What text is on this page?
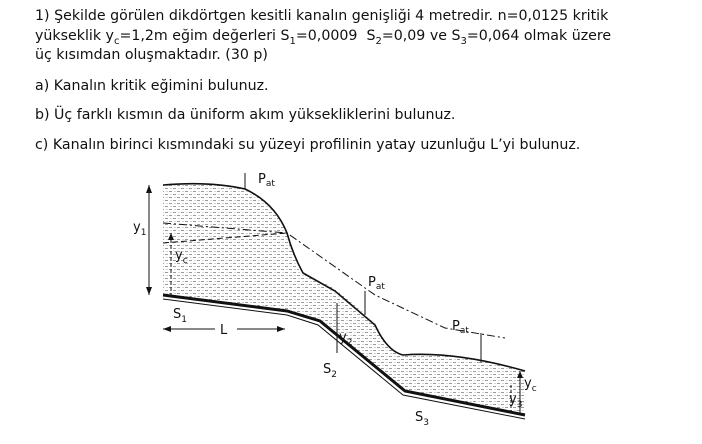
1) Şekilde görülen dikdörtgen kesitli kanalın genişliği 4 metredir. n=0,0125 kritik
yükseklik $y_c=1,2m$ eğim değerleri $S_1=0,0009$  $S_2=0,09$ ve $S_3=0,064$ olmak üzere
üç kısımdan oluşmaktadır. (30 p)

a) Kanalın kritik eğimini bulunuz.

b) Üç farklı kısmın da üniform akım yüksekliklerini bulunuz.

c) Kanalın birinci kısmındaki su yüzeyi profilinin yatay uzunluğu L’yi bulunuz.

$y_1$
$y_c$
$P_{at}$
$P_{at}$
$P_{at}$
$y_2$
$S_1$
$S_2$
$S_3$
L
$y_c$
$y_3$
